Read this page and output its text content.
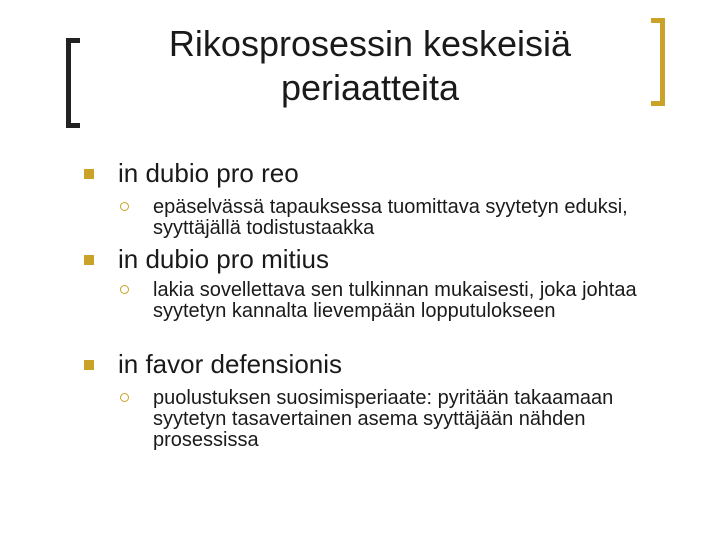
Rikosprosessin keskeisiä
periaatteita
in dubio pro reo
epäselvässä tapauksessa tuomittava syytetyn eduksi, syyttäjällä todistustaakka
in dubio pro mitius
lakia sovellettava sen tulkinnan mukaisesti, joka johtaa syytetyn kannalta lievempään lopputulokseen
in favor defensionis
puolustuksen suosimisperiaate: pyritään takaamaan syytetyn tasavertainen asema syyttäjään nähden prosessissa
